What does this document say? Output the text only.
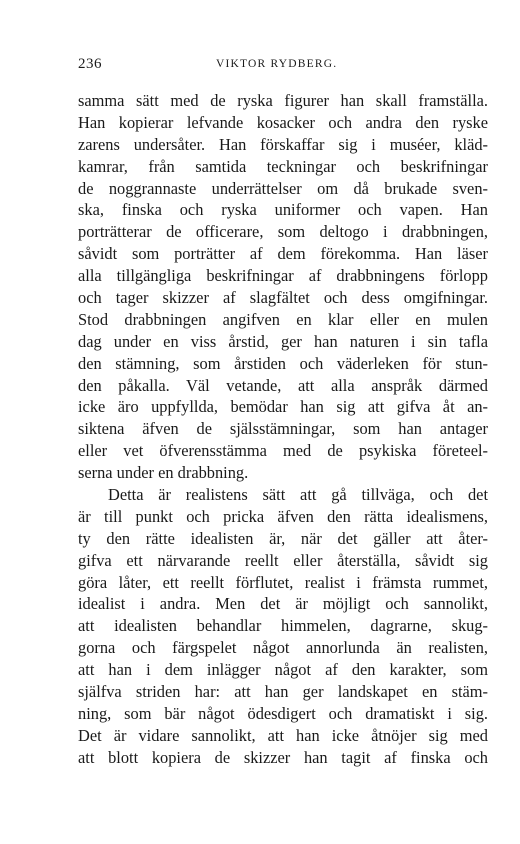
236	VIKTOR RYDBERG.
samma sätt med de ryska figurer han skall framställa.
Han kopierar lefvande kosacker och andra den ryske
zarens undersåter. Han förskaffar sig i muséer, kläd-
kamrar, från samtida teckningar och beskrifningar
de noggrannaste underrättelser om då brukade sven-
ska, finska och ryska uniformer och vapen. Han
porträtterar de officerare, som deltogo i drabbningen,
såvidt som porträtter af dem förekomma. Han läser
alla tillgängliga beskrifningar af drabbningens förlopp
och tager skizzer af slagfältet och dess omgifningar.
Stod drabbningen angifven en klar eller en mulen
dag under en viss årstid, ger han naturen i sin tafla
den stämning, som årstiden och väderleken för stun-
den påkalla. Väl vetande, att alla anspråk därmed
icke äro uppfyllda, bemödar han sig att gifva åt an-
siktena äfven de själsstämningar, som han antager
eller vet öfverensstämma med de psykiska företeel-
serna under en drabbning.
Detta är realistens sätt att gå tillväga, och det
är till punkt och pricka äfven den rätta idealismens,
ty den rätte idealisten är, när det gäller att åter-
gifva ett närvarande reellt eller återställa, såvidt sig
göra låter, ett reellt förflutet, realist i främsta rummet,
idealist i andra. Men det är möjligt och sannolikt,
att idealisten behandlar himmelen, dagrarne, skug-
gorna och färgspelet något annorlunda än realisten,
att han i dem inlägger något af den karakter, som
själfva striden har: att han ger landskapet en stäm-
ning, som bär något ödesdigert och dramatiskt i sig.
Det är vidare sannolikt, att han icke åtnöjer sig med
att blott kopiera de skizzer han tagit af finska och
